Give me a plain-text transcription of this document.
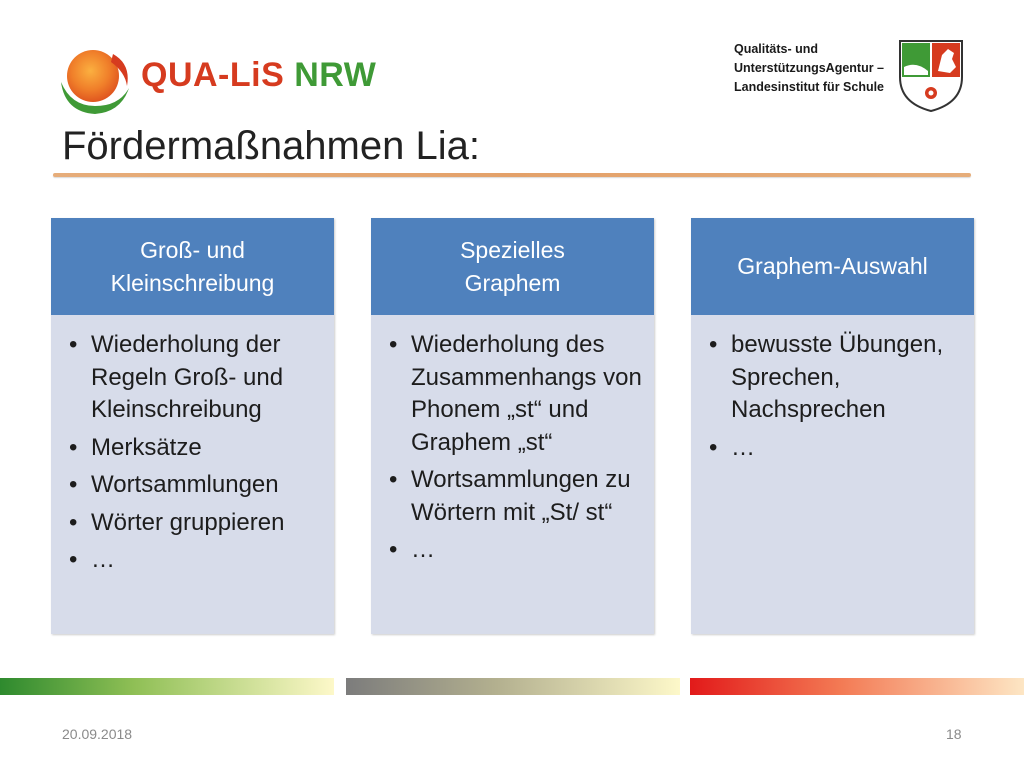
QUA-LiS NRW
Qualitäts- und
UnterstützungsAgentur –
Landesinstitut für Schule
Fördermaßnahmen Lia:
Groß- und
Kleinschreibung
• Wiederholung der Regeln Groß- und Kleinschreibung
• Merksätze
• Wortsammlungen
• Wörter gruppieren
• …
Spezielles
Graphem
• Wiederholung des Zusammenhangs von Phonem „st“ und Graphem „st“
• Wortsammlungen zu Wörtern mit „St/ st“
• …
Graphem-Auswahl
• bewusste Übungen, Sprechen, Nachsprechen
• …
20.09.2018	18
